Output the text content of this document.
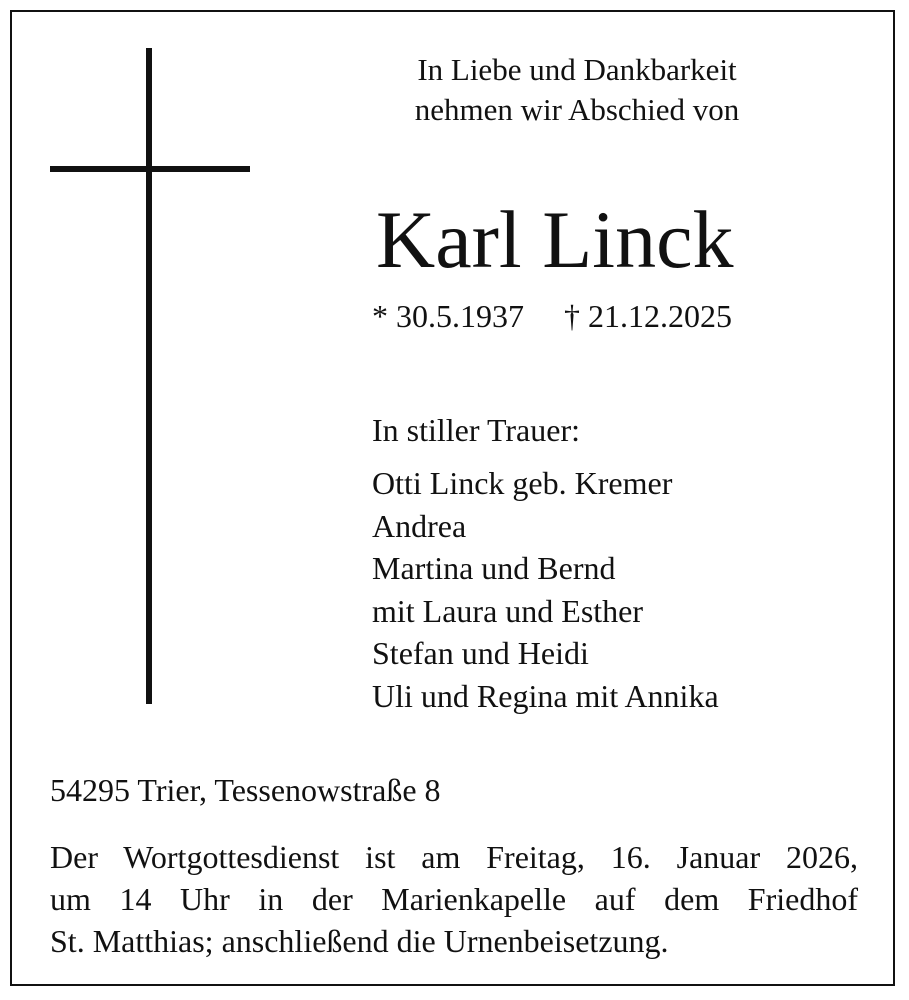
In Liebe und Dankbarkeit
nehmen wir Abschied von
Karl Linck
* 30.5.1937 † 21.12.2025
In stiller Trauer:
Otti Linck geb. Kremer
Andrea
Martina und Bernd
mit Laura und Esther
Stefan und Heidi
Uli und Regina mit Annika
54295 Trier, Tessenowstraße 8
Der Wortgottesdienst ist am Freitag, 16. Januar 2026,
um 14 Uhr in der Marienkapelle auf dem Friedhof
St. Matthias; anschließend die Urnenbeisetzung.
